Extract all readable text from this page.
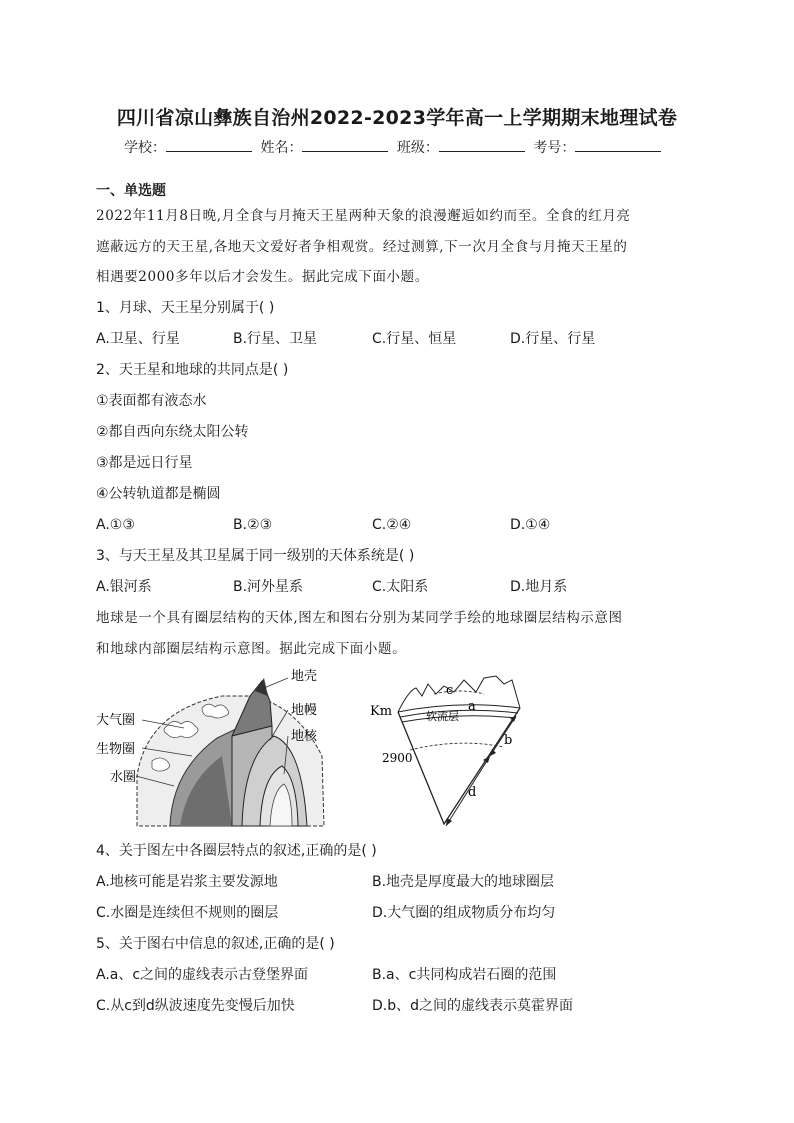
四川省凉山彝族自治州2022-2023学年高一上学期期末地理试卷
学校：	姓名：	班级：	考号：
一、单选题
2022年11月8日晚,月全食与月掩天王星两种天象的浪漫邂逅如约而至。全食的红月亮
遮蔽远方的天王星,各地天文爱好者争相观赏。经过测算,下一次月全食与月掩天王星的
相遇要2000多年以后才会发生。据此完成下面小题。
1、月球、天王星分别属于( )
A.卫星、行星	B.行星、卫星	C.行星、恒星	D.行星、行星
2、天王星和地球的共同点是( )
①表面都有液态水
②都自西向东绕太阳公转
③都是远日行星
④公转轨道都是椭圆
A.①③	B.②③	C.②④	D.①④
3、与天王星及其卫星属于同一级别的天体系统是( )
A.银河系	B.河外星系	C.太阳系	D.地月系
地球是一个具有圈层结构的天体,图左和图右分别为某同学手绘的地球圈层结构示意图
和地球内部圈层结构示意图。据此完成下面小题。
地壳
地幔
地核
大气圈
生物圈
水圈
Km
2900
软流层
c
a
b
d
4、关于图左中各圈层特点的叙述,正确的是( )
A.地核可能是岩浆主要发源地	B.地壳是厚度最大的地球圈层
C.水圈是连续但不规则的圈层	D.大气圈的组成物质分布均匀
5、关于图右中信息的叙述,正确的是( )
A.a、c之间的虚线表示古登堡界面	B.a、c共同构成岩石圈的范围
C.从c到d纵波速度先变慢后加快	D.b、d之间的虚线表示莫霍界面
